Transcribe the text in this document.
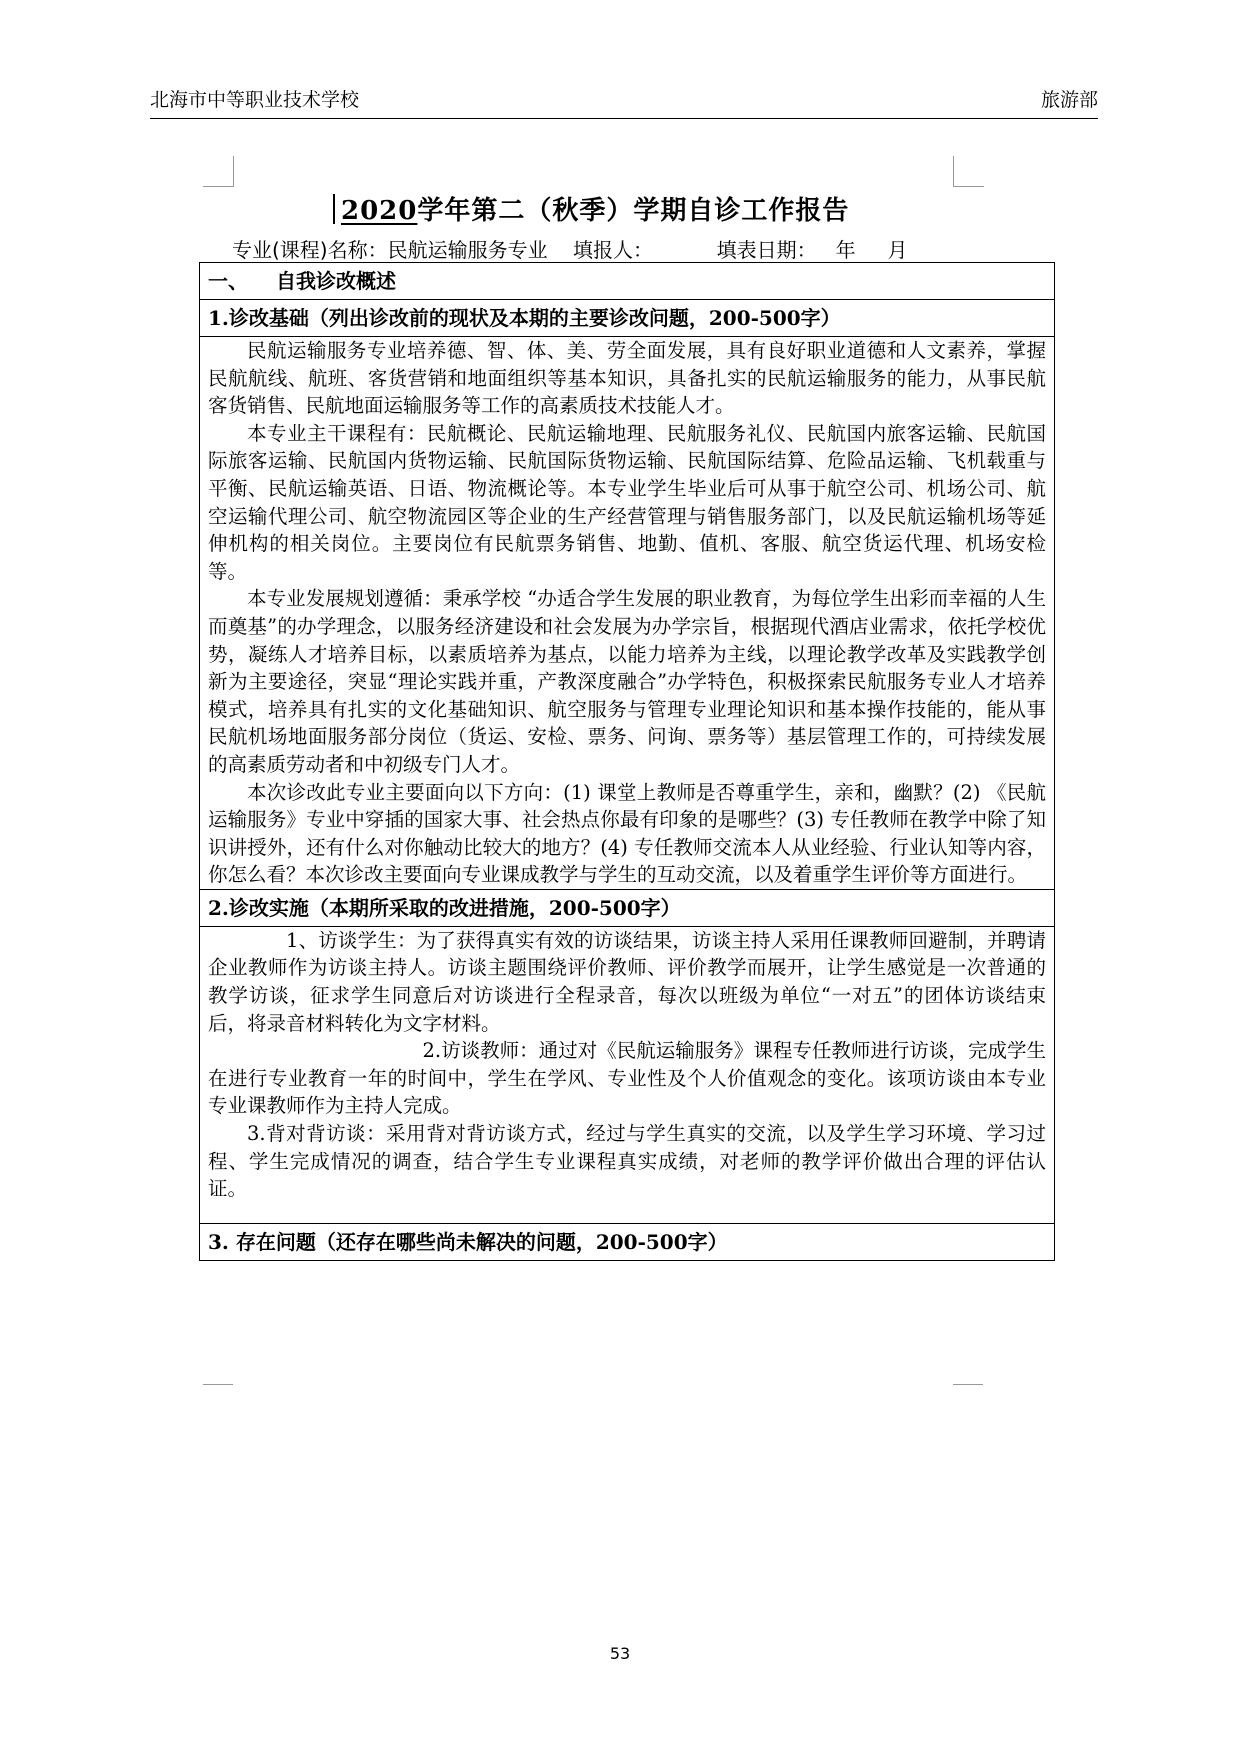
北海市中等职业技术学校	旅游部
2020学年第二（秋季）学期自诊工作报告
专业(课程)名称：民航运输服务专业    填报人：          填表日期：   年     月
一、 自我诊改概述
1.诊改基础（列出诊改前的现状及本期的主要诊改问题，200-500字）

民航运输服务专业培养德、智、体、美、劳全面发展，具有良好职业道德和人文素养，掌握民航航线、航班、客货营销和地面组织等基本知识，具备扎实的民航运输服务的能力，从事民航客货销售、民航地面运输服务等工作的高素质技术技能人才。

本专业主干课程有：民航概论、民航运输地理、民航服务礼仪、民航国内旅客运输、民航国际旅客运输、民航国内货物运输、民航国际货物运输、民航国际结算、危险品运输、飞机载重与平衡、民航运输英语、日语、物流概论等。本专业学生毕业后可从事于航空公司、机场公司、航空运输代理公司、航空物流园区等企业的生产经营管理与销售服务部门，以及民航运输机场等延伸机构的相关岗位。主要岗位有民航票务销售、地勤、值机、客服、航空货运代理、机场安检等。

本专业发展规划遵循：秉承学校 “办适合学生发展的职业教育，为每位学生出彩而幸福的人生而奠基”的办学理念，以服务经济建设和社会发展为办学宗旨，根据现代酒店业需求，依托学校优势，凝练人才培养目标，以素质培养为基点，以能力培养为主线，以理论教学改革及实践教学创新为主要途径，突显“理论实践并重，产教深度融合”办学特色，积极探索民航服务专业人才培养模式，培养具有扎实的文化基础知识、航空服务与管理专业理论知识和基本操作技能的，能从事民航机场地面服务部分岗位（货运、安检、票务、问询、票务等）基层管理工作的，可持续发展的高素质劳动者和中初级专门人才。

本次诊改此专业主要面向以下方向：(1) 课堂上教师是否尊重学生，亲和，幽默？(2) 《民航运输服务》专业中穿插的国家大事、社会热点你最有印象的是哪些？(3) 专任教师在教学中除了知识讲授外，还有什么对你触动比较大的地方？(4) 专任教师交流本人从业经验、行业认知等内容，你怎么看？本次诊改主要面向专业课成教学与学生的互动交流，以及着重学生评价等方面进行。

2.诊改实施（本期所采取的改进措施，200-500字）

1、访谈学生：为了获得真实有效的访谈结果，访谈主持人采用任课教师回避制，并聘请企业教师作为访谈主持人。访谈主题围绕评价教师、评价教学而展开，让学生感觉是一次普通的教学访谈，征求学生同意后对访谈进行全程录音，每次以班级为单位“一对五”的团体访谈结束后，将录音材料转化为文字材料。

2.访谈教师：通过对《民航运输服务》课程专任教师进行访谈，完成学生在进行专业教育一年的时间中，学生在学风、专业性及个人价值观念的变化。该项访谈由本专业专业课教师作为主持人完成。

3.背对背访谈：采用背对背访谈方式，经过与学生真实的交流，以及学生学习环境、学习过程、学生完成情况的调查，结合学生专业课程真实成绩，对老师的教学评价做出合理的评估认证。

3. 存在问题（还存在哪些尚未解决的问题，200-500字）
53
